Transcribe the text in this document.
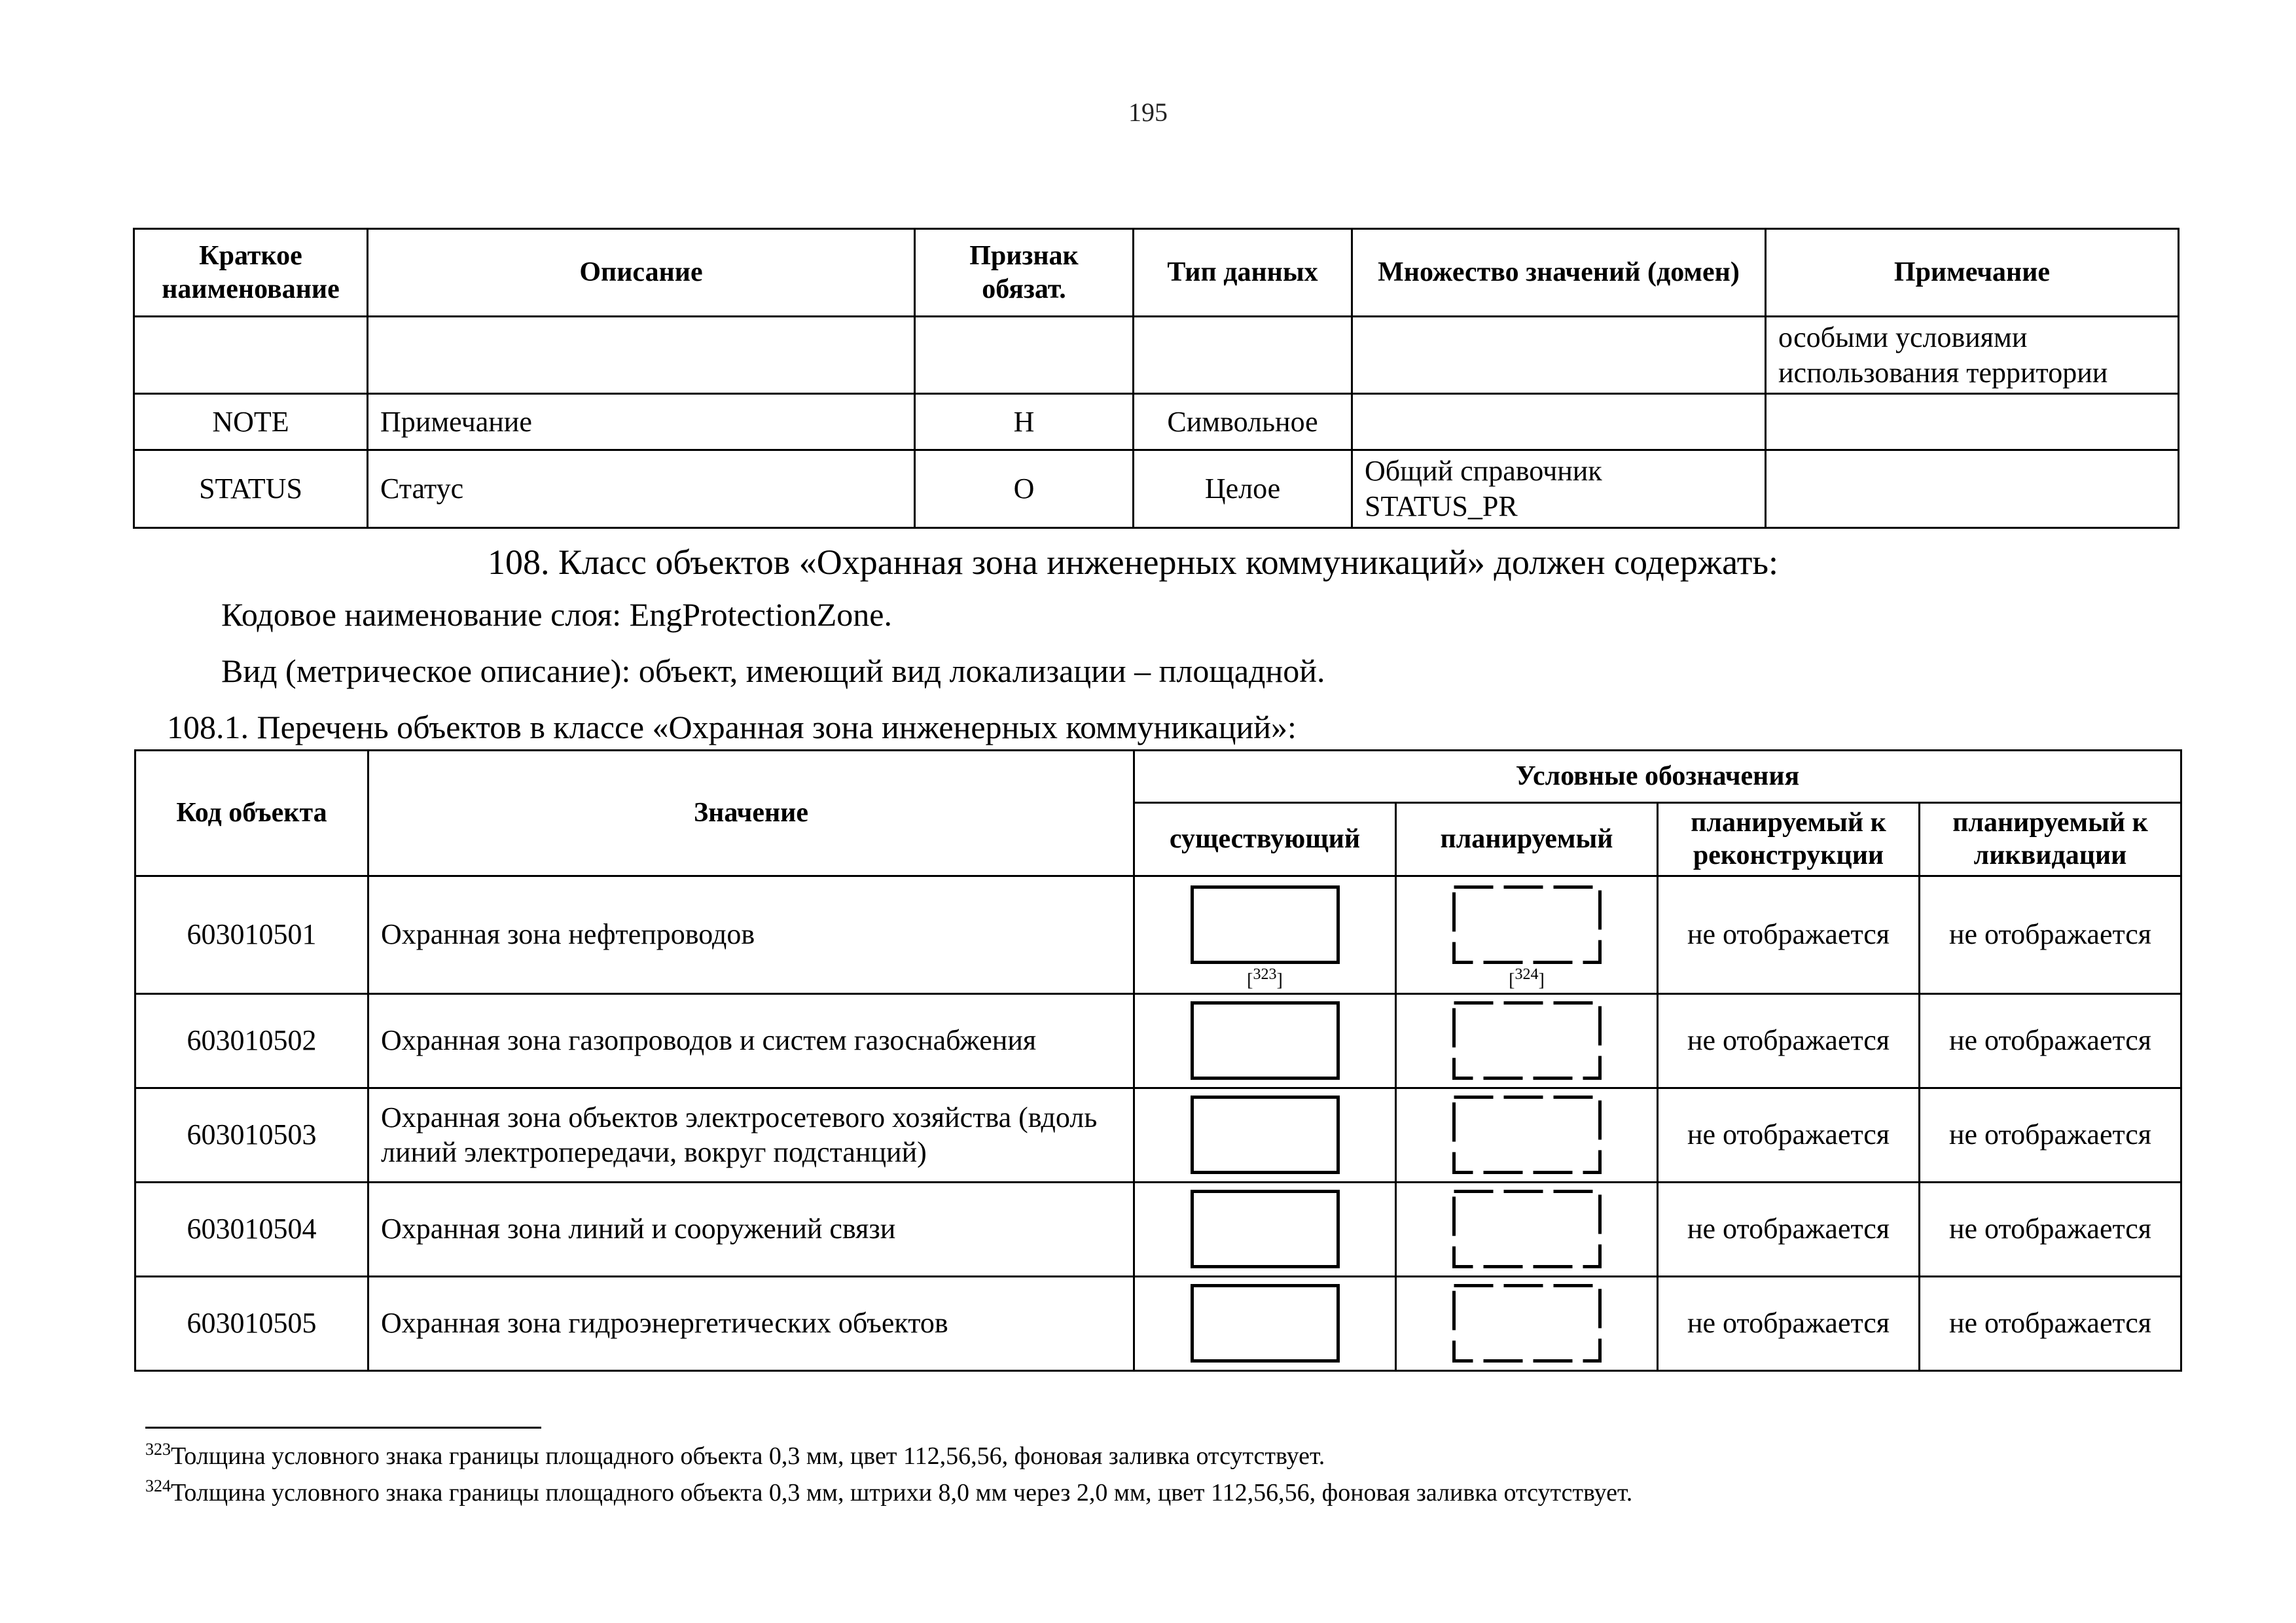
195
Краткое наименование	Описание	Признак обязат.	Тип данных	Множество значений (домен)	Примечание
					особыми условиями использования территории
NOTE	Примечание	Н	Символьное		
STATUS	Статус	О	Целое	Общий справочник STATUS_PR	
108. Класс объектов «Охранная зона инженерных коммуникаций» должен содержать:
Кодовое наименование слоя: EngProtectionZone.
Вид (метрическое описание): объект, имеющий вид локализации – площадной.
108.1. Перечень объектов в классе «Охранная зона инженерных коммуникаций»:
Код объекта	Значение	Условные обозначения			
		существующий	планируемый	планируемый к реконструкции	планируемый к ликвидации
603010501	Охранная зона нефтепроводов	[$^{323}$]	[$^{324}$]	не отображается	не отображается
603010502	Охранная зона газопроводов и систем газоснабжения			не отображается	не отображается
603010503	Охранная зона объектов электросетевого хозяйства (вдоль линий электропередачи, вокруг подстанций)			не отображается	не отображается
603010504	Охранная зона линий и сооружений связи			не отображается	не отображается
603010505	Охранная зона гидроэнергетических объектов			не отображается	не отображается
$^{323}$Толщина условного знака границы площадного объекта 0,3 мм, цвет 112,56,56, фоновая заливка отсутствует.
$^{324}$Толщина условного знака границы площадного объекта 0,3 мм, штрихи 8,0 мм через 2,0 мм, цвет 112,56,56, фоновая заливка отсутствует.
